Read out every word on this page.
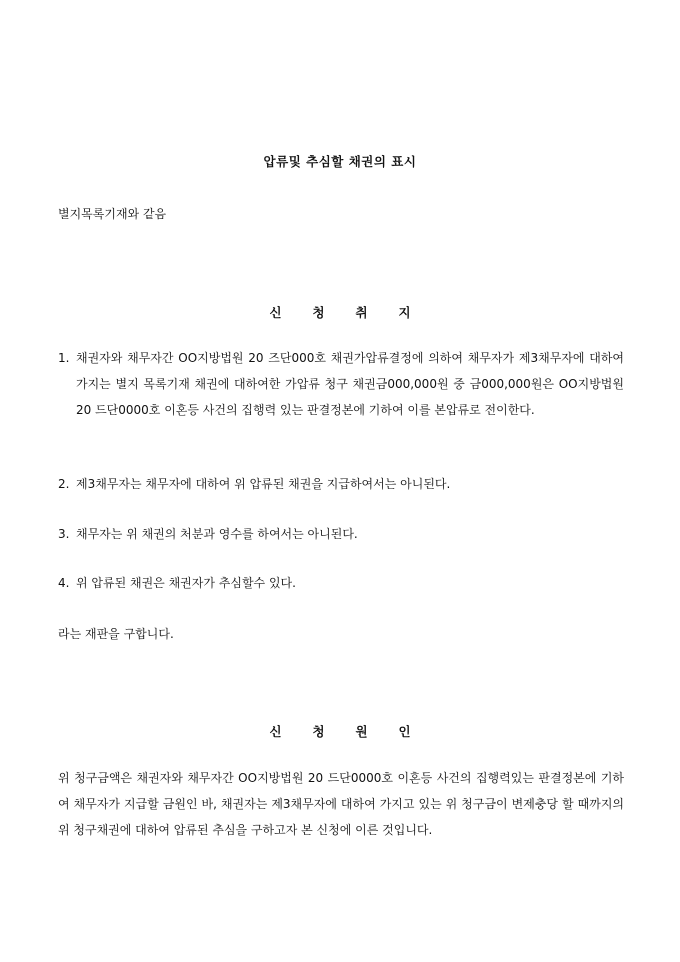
압류및 추심할 채권의 표시
별지목록기재와 같음
신 청 취 지
1. 채권자와 채무자간 OO지방법원 20 즈단000호 채권가압류결정에 의하여 채무자가 제3채무자에 대하여 가지는 별지 목록기재 채권에 대하여한 가압류 청구 채권금000,000원 중 금000,000원은 OO지방법원 20 드단0000호 이혼등 사건의 집행력 있는 판결정본에 기하여 이를 본압류로 전이한다.
2. 제3채무자는 채무자에 대하여 위 압류된 채권을 지급하여서는 아니된다.
3. 채무자는 위 채권의 처분과 영수를 하여서는 아니된다.
4. 위 압류된 채권은 채권자가 추심할수 있다.
라는 재판을 구합니다.
신 청 원 인
위 청구금액은 채권자와 채무자간 OO지방법원 20 드단0000호 이혼등 사건의 집행력있는 판결정본에 기하여 채무자가 지급할 금원인 바, 채권자는 제3채무자에 대하여 가지고 있는 위 청구금이 변제충당 할 때까지의 위 청구채권에 대하여 압류된 추심을 구하고자 본 신청에 이른 것입니다.
